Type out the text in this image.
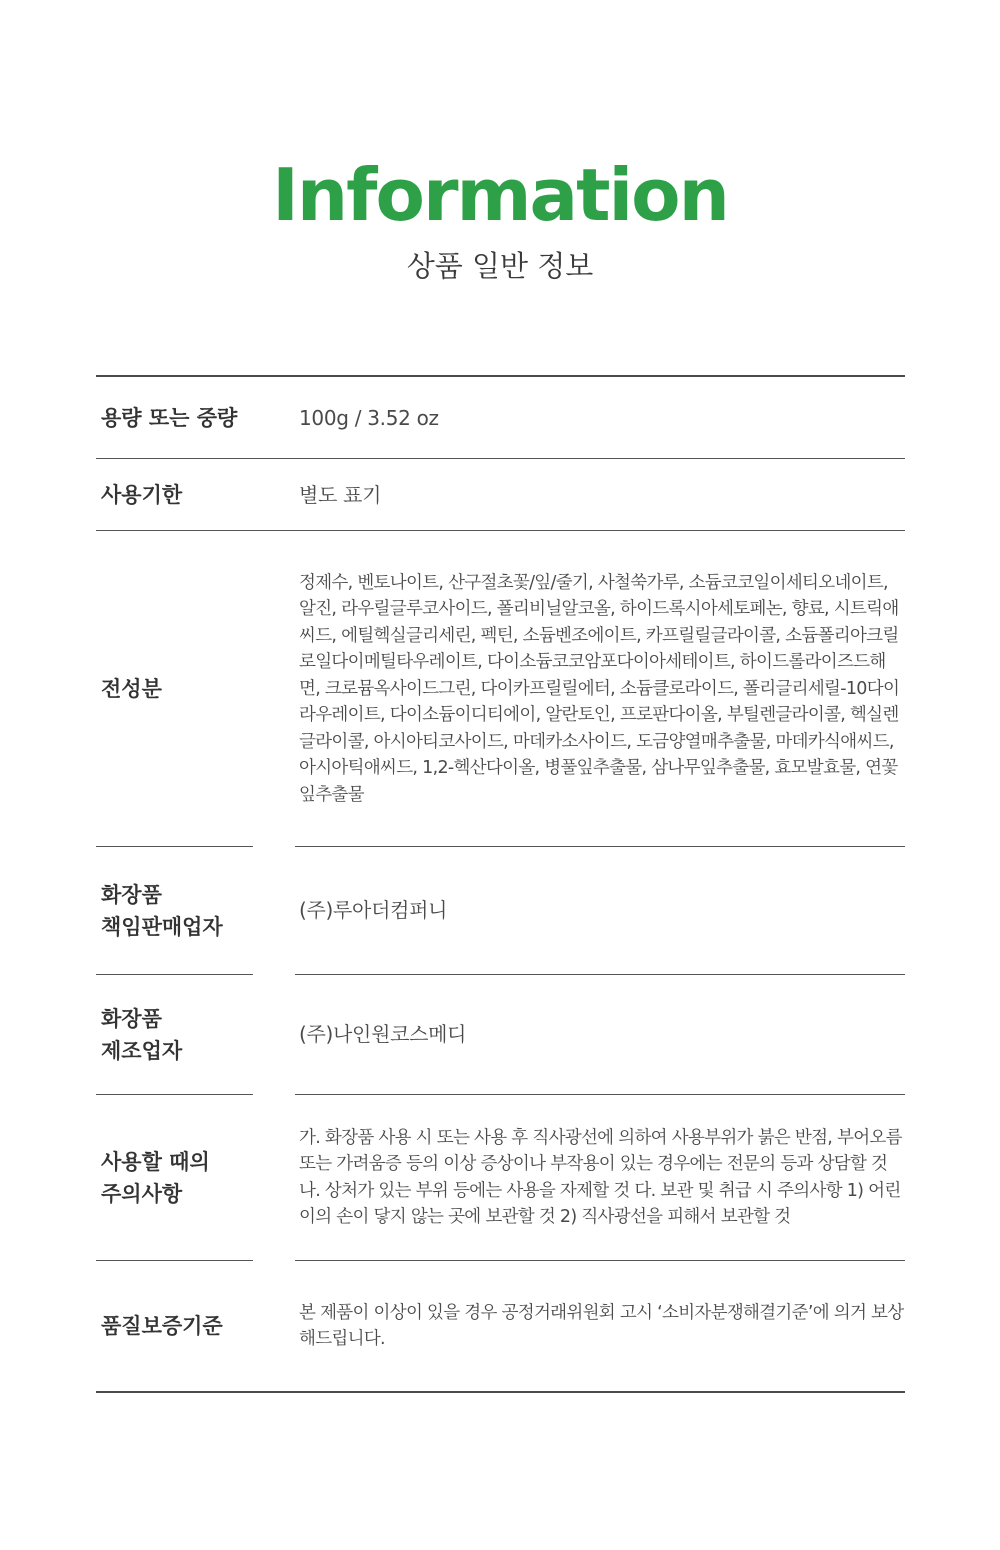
Information
상품 일반 정보
용량 또는 중량	100g / 3.52 oz
사용기한	별도 표기
전성분
정제수, 벤토나이트, 산구절초꽃/잎/줄기, 사철쑥가루, 소듐코코일이세티오네이트, 알진, 라우릴글루코사이드, 폴리비닐알코올, 하이드록시아세토페논, 향료, 시트릭애씨드, 에틸헥실글리세린, 펙틴, 소듐벤조에이트, 카프릴릴글라이콜, 소듐폴리아크릴로일다이메틸타우레이트, 다이소듐코코암포다이아세테이트, 하이드롤라이즈드해면, 크로뮴옥사이드그린, 다이카프릴릴에터, 소듐클로라이드, 폴리글리세릴-10다이라우레이트, 다이소듐이디티에이, 알란토인, 프로판다이올, 부틸렌글라이콜, 헥실렌글라이콜, 아시아티코사이드, 마데카소사이드, 도금양열매추출물, 마데카식애씨드, 아시아틱애씨드, 1,2-헥산다이올, 병풀잎추출물, 삼나무잎추출물, 효모발효물, 연꽃잎추출물
화장품
책임판매업자
(주)루아더컴퍼니
화장품
제조업자
(주)나인원코스메디
사용할 때의
주의사항
가. 화장품 사용 시 또는 사용 후 직사광선에 의하여 사용부위가 붉은 반점, 부어오름 또는 가려움증 등의 이상 증상이나 부작용이 있는 경우에는 전문의 등과 상담할 것 나. 상처가 있는 부위 등에는 사용을 자제할 것 다. 보관 및 취급 시 주의사항 1) 어린이의 손이 닿지 않는 곳에 보관할 것 2) 직사광선을 피해서 보관할 것
품질보증기준
본 제품이 이상이 있을 경우 공정거래위원회 고시 ‘소비자분쟁해결기준’에 의거 보상해드립니다.
